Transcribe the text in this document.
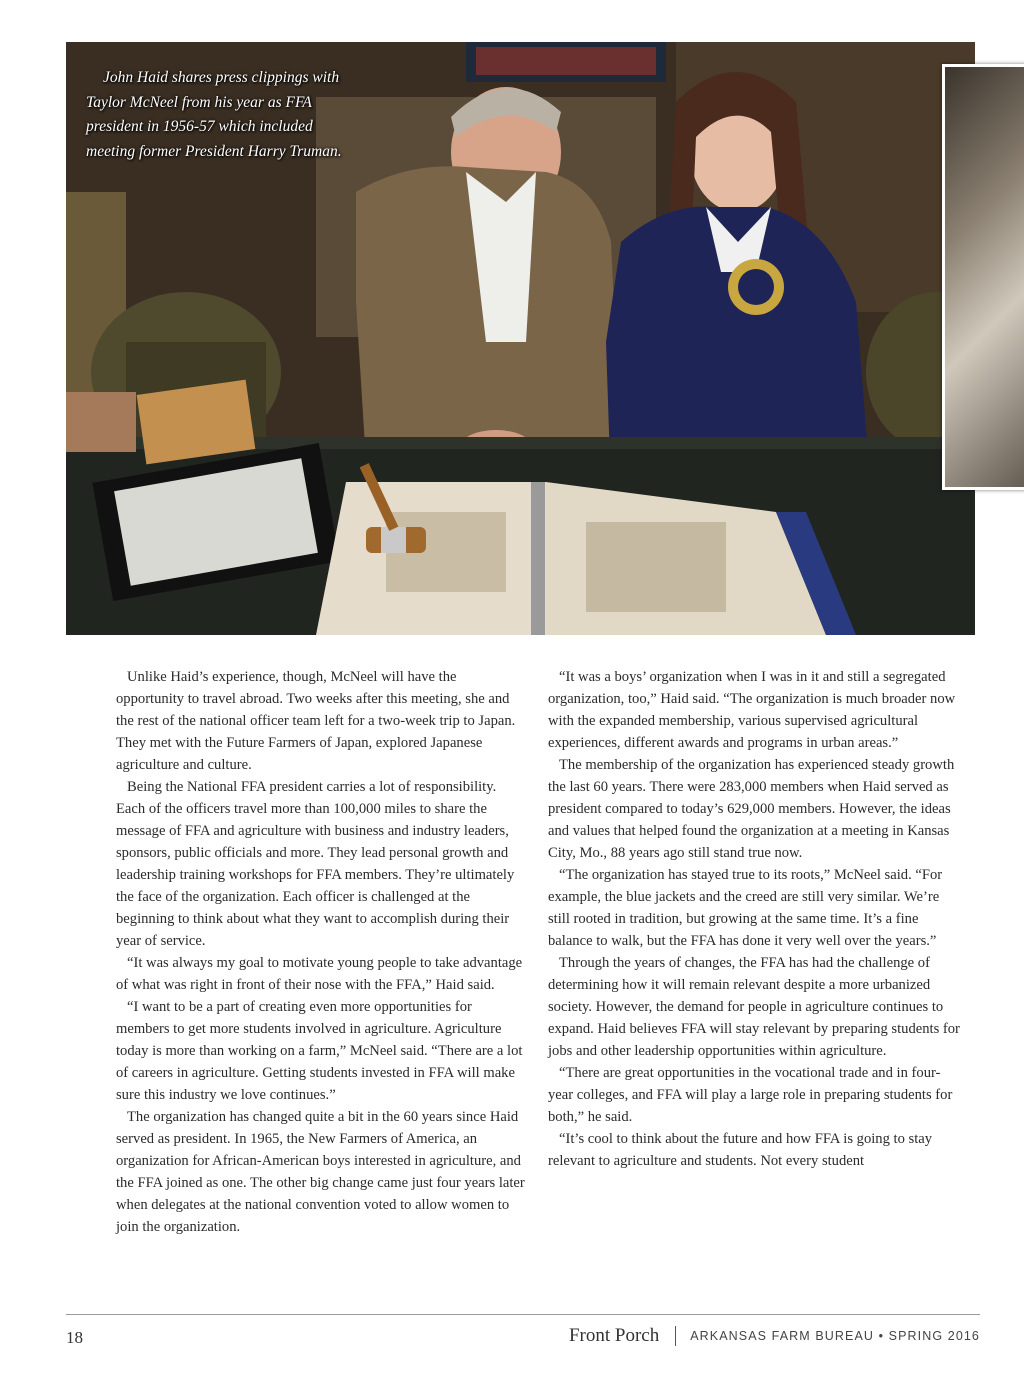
John Haid shares press clippings with Taylor McNeel from his year as FFA president in 1956-57 which included meeting former President Harry Truman.

Unlike Haid’s experience, though, McNeel will have the opportunity to travel abroad. Two weeks after this meeting, she and the rest of the national officer team left for a two-week trip to Japan. They met with the Future Farmers of Japan, explored Japanese agriculture and culture.

Being the National FFA president carries a lot of responsibility. Each of the officers travel more than 100,000 miles to share the message of FFA and agriculture with business and industry leaders, sponsors, public officials and more. They lead personal growth and leadership training workshops for FFA members. They’re ultimately the face of the organization. Each officer is challenged at the beginning to think about what they want to accomplish during their year of service.

“It was always my goal to motivate young people to take advantage of what was right in front of their nose with the FFA,” Haid said.

“I want to be a part of creating even more opportunities for members to get more students involved in agriculture. Agriculture today is more than working on a farm,” McNeel said. “There are a lot of careers in agriculture. Getting students invested in FFA will make sure this industry we love continues.”

The organization has changed quite a bit in the 60 years since Haid served as president. In 1965, the New Farmers of America, an organization for African-American boys interested in agriculture, and the FFA joined as one. The other big change came just four years later when delegates at the national convention voted to allow women to join the organization.

“It was a boys’ organization when I was in it and still a segregated organization, too,” Haid said. “The organization is much broader now with the expanded membership, various supervised agricultural experiences, different awards and programs in urban areas.”

The membership of the organization has experienced steady growth the last 60 years. There were 283,000 members when Haid served as president compared to today’s 629,000 members. However, the ideas and values that helped found the organization at a meeting in Kansas City, Mo., 88 years ago still stand true now.

“The organization has stayed true to its roots,” McNeel said. “For example, the blue jackets and the creed are still very similar. We’re still rooted in tradition, but growing at the same time. It’s a fine balance to walk, but the FFA has done it very well over the years.”

Through the years of changes, the FFA has had the challenge of determining how it will remain relevant despite a more urbanized society. However, the demand for people in agriculture continues to expand. Haid believes FFA will stay relevant by preparing students for jobs and other leadership opportunities within agriculture.

“There are great opportunities in the vocational trade and in four-year colleges, and FFA will play a large role in preparing students for both,” he said.

“It’s cool to think about the future and how FFA is going to stay relevant to agriculture and students. Not every student

18	Front Porch ARKANSAS FARM BUREAU • SPRING 2016
